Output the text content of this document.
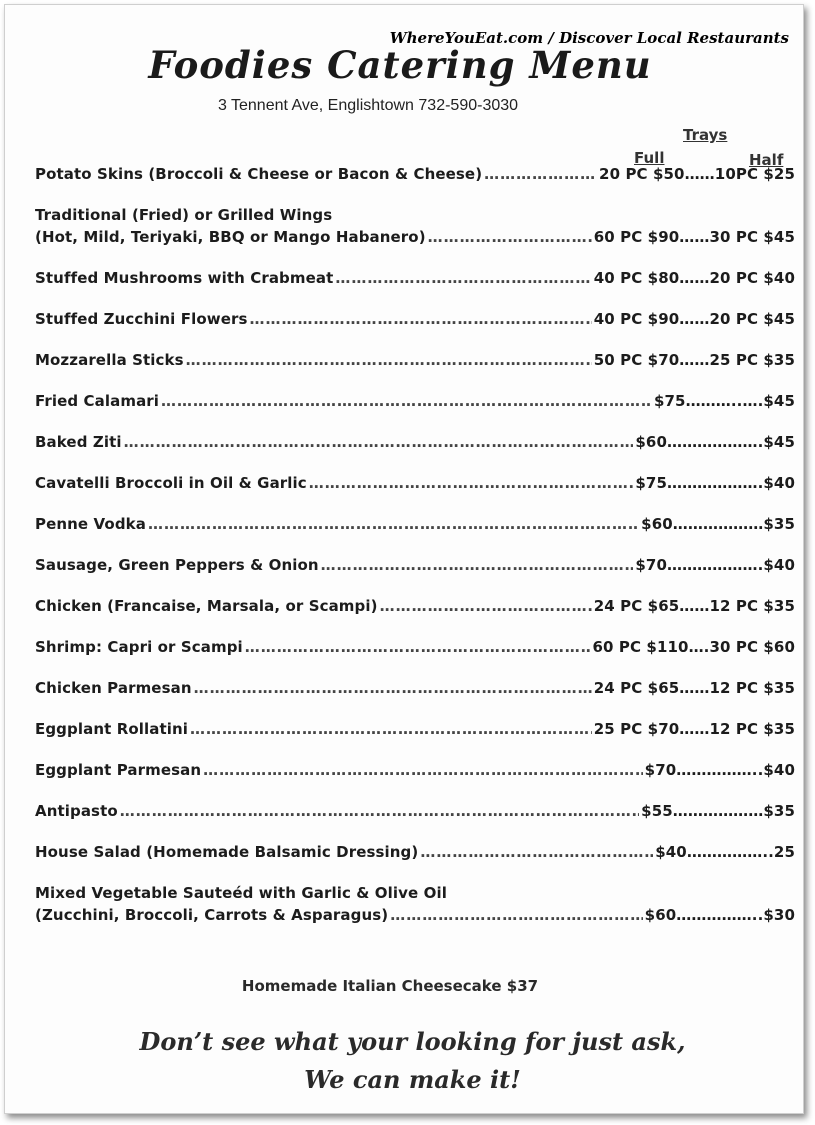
WhereYouEat.com / Discover Local Restaurants
Foodies Catering Menu
3 Tennent Ave, Englishtown 732-590-3030
Trays
Full	Half
Potato Skins (Broccoli & Cheese or Bacon & Cheese) ……………………………………………………………………………………………………………………………………………………………………………………………………	20 PC $50……10PC $25
Traditional (Fried) or Grilled Wings
(Hot, Mild, Teriyaki, BBQ or Mango Habanero) ……………………………………………………………………………………………………………………………………………………………………………………………………	60 PC $90……30 PC $45
Stuffed Mushrooms with Crabmeat ……………………………………………………………………………………………………………………………………………………………………………………………………	40 PC $80……20 PC $40
Stuffed Zucchini Flowers ……………………………………………………………………………………………………………………………………………………………………………………………………	40 PC $90……20 PC $45
Mozzarella Sticks ……………………………………………………………………………………………………………………………………………………………………………………………………	50 PC $70……25 PC $35
Fried Calamari ……………………………………………………………………………………………………………………………………………………………………………………………………	$75………..….$45
Baked Ziti ……………………………………………………………………………………………………………………………………………………………………………………………………	$60……………….$45
Cavatelli Broccoli in Oil & Garlic ……………………………………………………………………………………………………………………………………………………………………………………………………	$75……………….$40
Penne Vodka ……………………………………………………………………………………………………………………………………………………………………………………………………	$60………………$35
Sausage, Green Peppers & Onion ……………………………………………………………………………………………………………………………………………………………………………………………………	$70……………….$40
Chicken (Francaise, Marsala, or Scampi) ……………………………………………………………………………………………………………………………………………………………………………………………………	24 PC $65……12 PC $35
Shrimp: Capri or Scampi ……………………………………………………………………………………………………………………………………………………………………………………………………	60 PC $110….30 PC $60
Chicken Parmesan ……………………………………………………………………………………………………………………………………………………………………………………………………	24 PC $65……12 PC $35
Eggplant Rollatini ……………………………………………………………………………………………………………………………………………………………………………………………………	25 PC $70……12 PC $35
Eggplant Parmesan ……………………………………………………………………………………………………………………………………………………………………………………………………	$70……………..$40
Antipasto ……………………………………………………………………………………………………………………………………………………………………………………………………	$55………………$35
House Salad (Homemade Balsamic Dressing) ……………………………………………………………………………………………………………………………………………………………………………………………………	$40……………..25
Mixed Vegetable Sauteéd with Garlic & Olive Oil
(Zucchini, Broccoli, Carrots & Asparagus) ……………………………………………………………………………………………………………………………………………………………………………………………………	$60……………..$30
Homemade Italian Cheesecake $37
Don’t see what your looking for just ask,
We can make it!
